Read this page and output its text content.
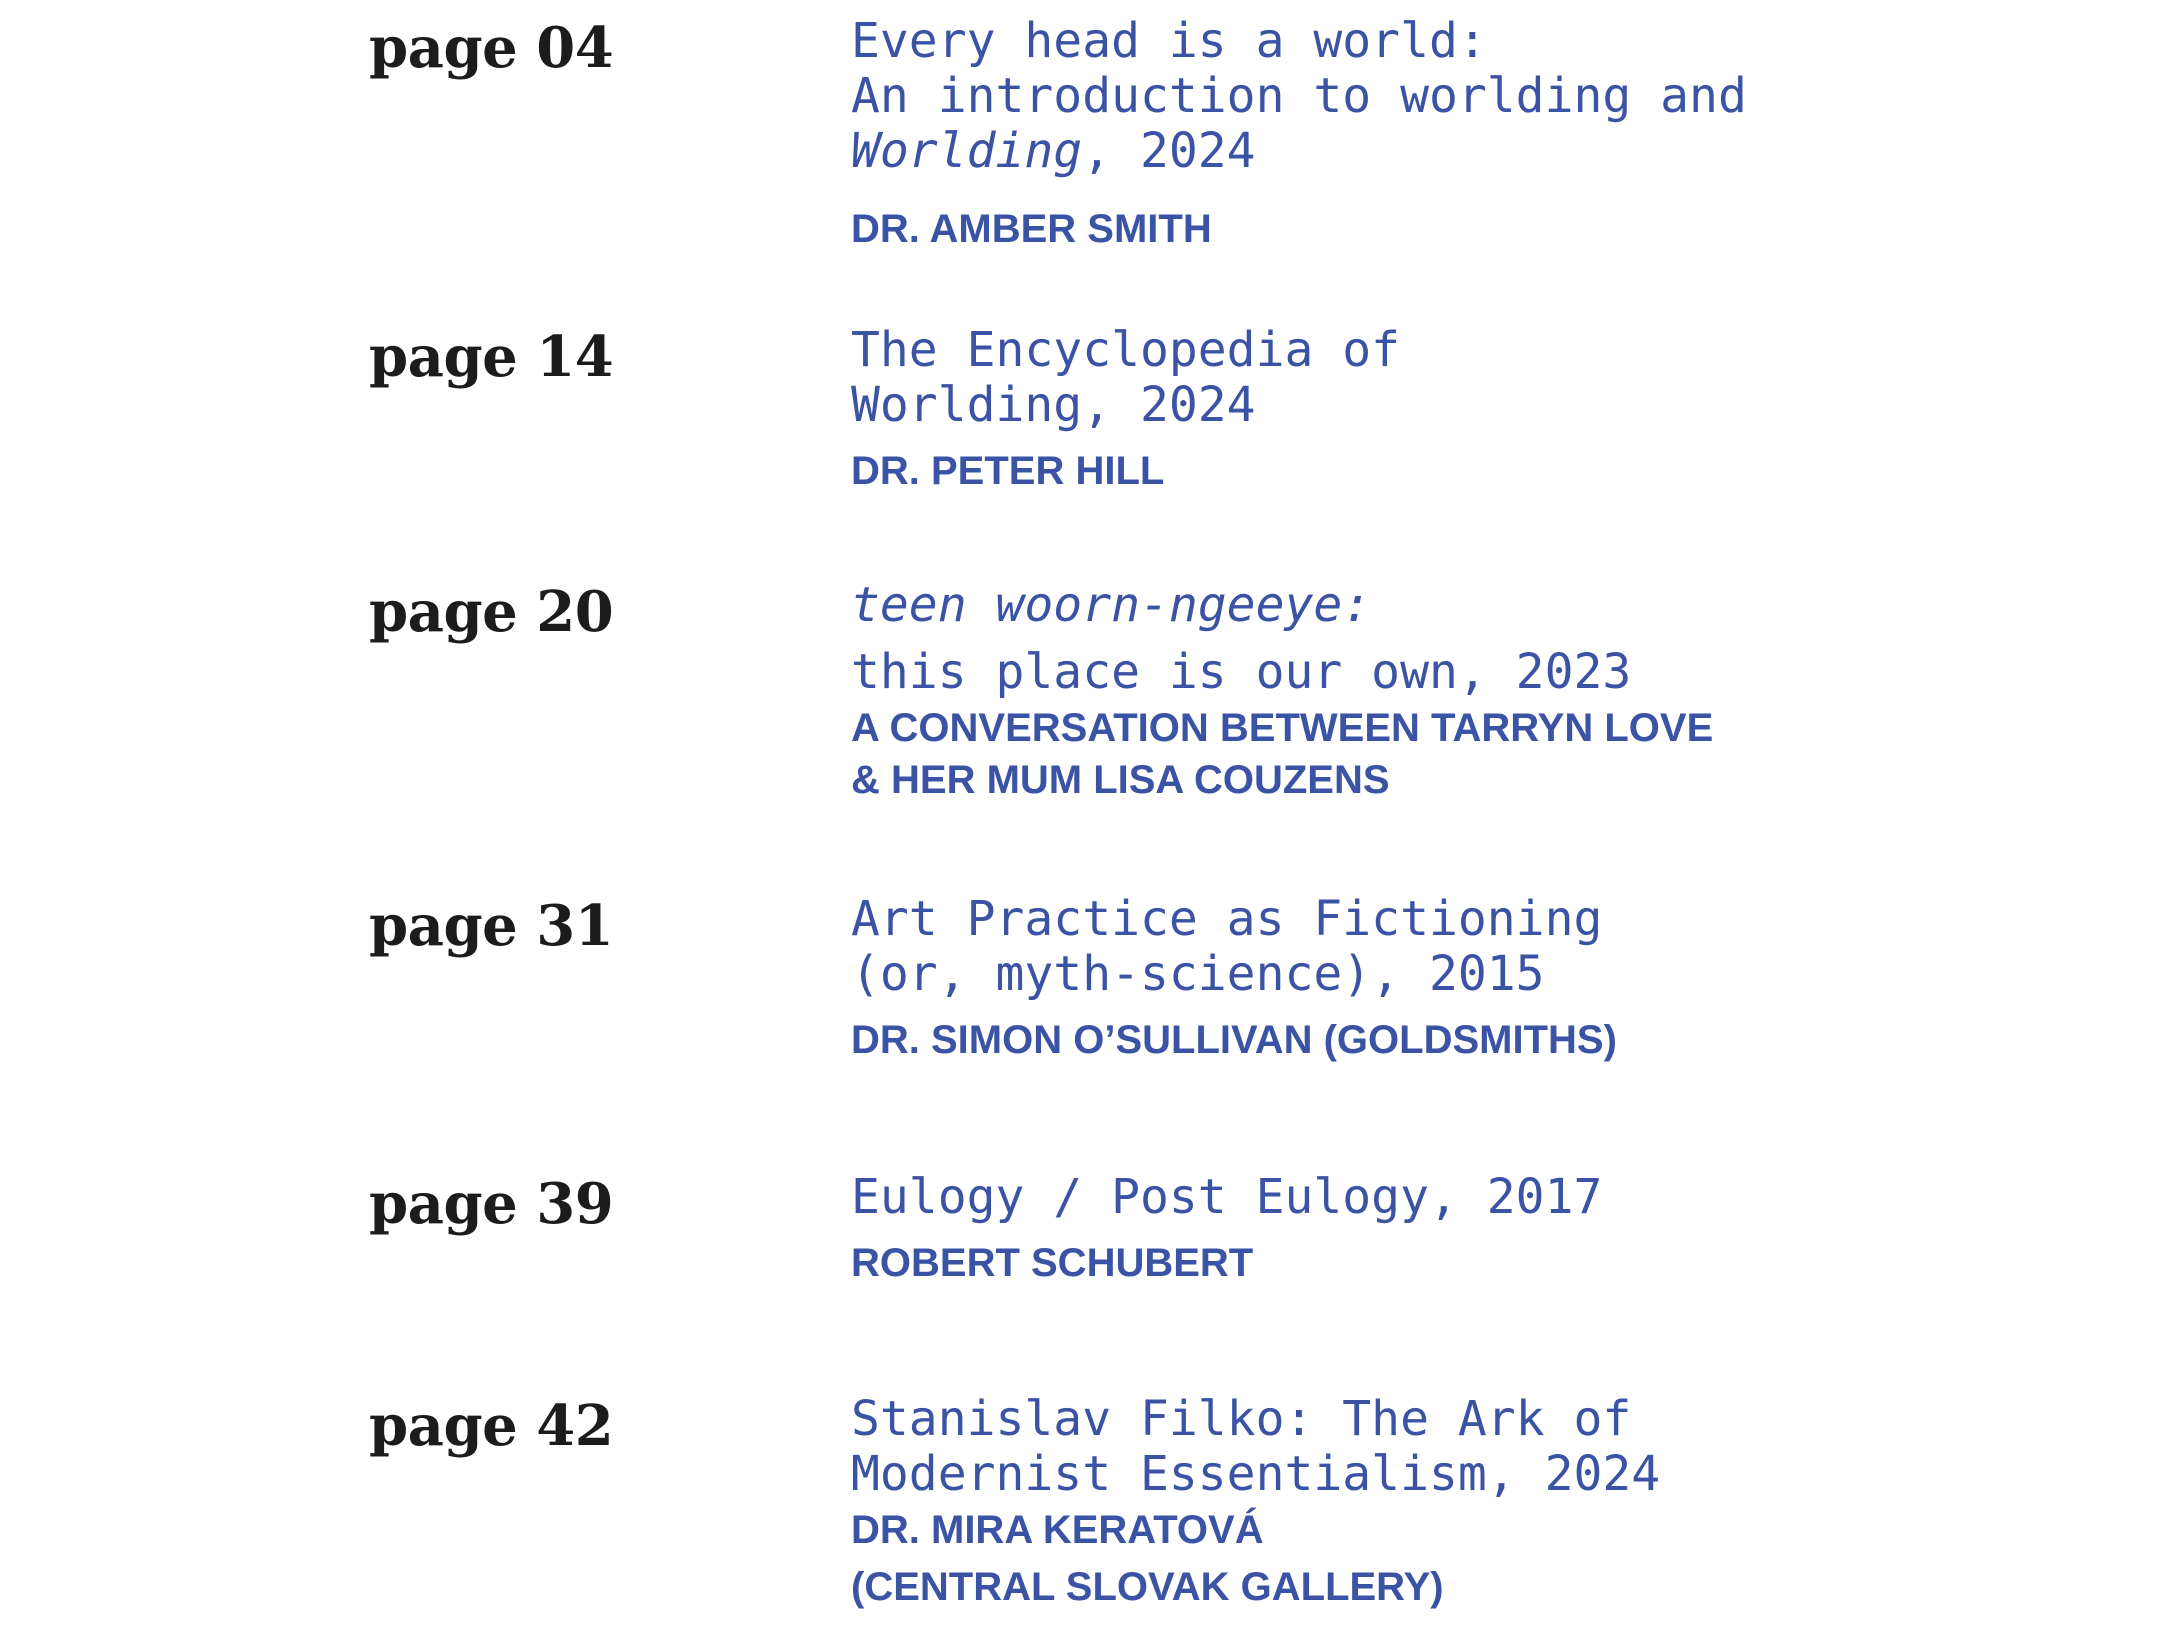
page 04	Every head is a world:
An introduction to worlding and
Worlding, 2024
DR. AMBER SMITH
page 14	The Encyclopedia of
Worlding, 2024
DR. PETER HILL
page 20	teen woorn-ngeeye:
this place is our own, 2023
A CONVERSATION BETWEEN TARRYN LOVE
& HER MUM LISA COUZENS
page 31	Art Practice as Fictioning
(or, myth-science), 2015
DR. SIMON O’SULLIVAN (GOLDSMITHS)
page 39	Eulogy / Post Eulogy, 2017
ROBERT SCHUBERT
page 42	Stanislav Filko: The Ark of
Modernist Essentialism, 2024
DR. MIRA KERATOVÁ
(CENTRAL SLOVAK GALLERY)
